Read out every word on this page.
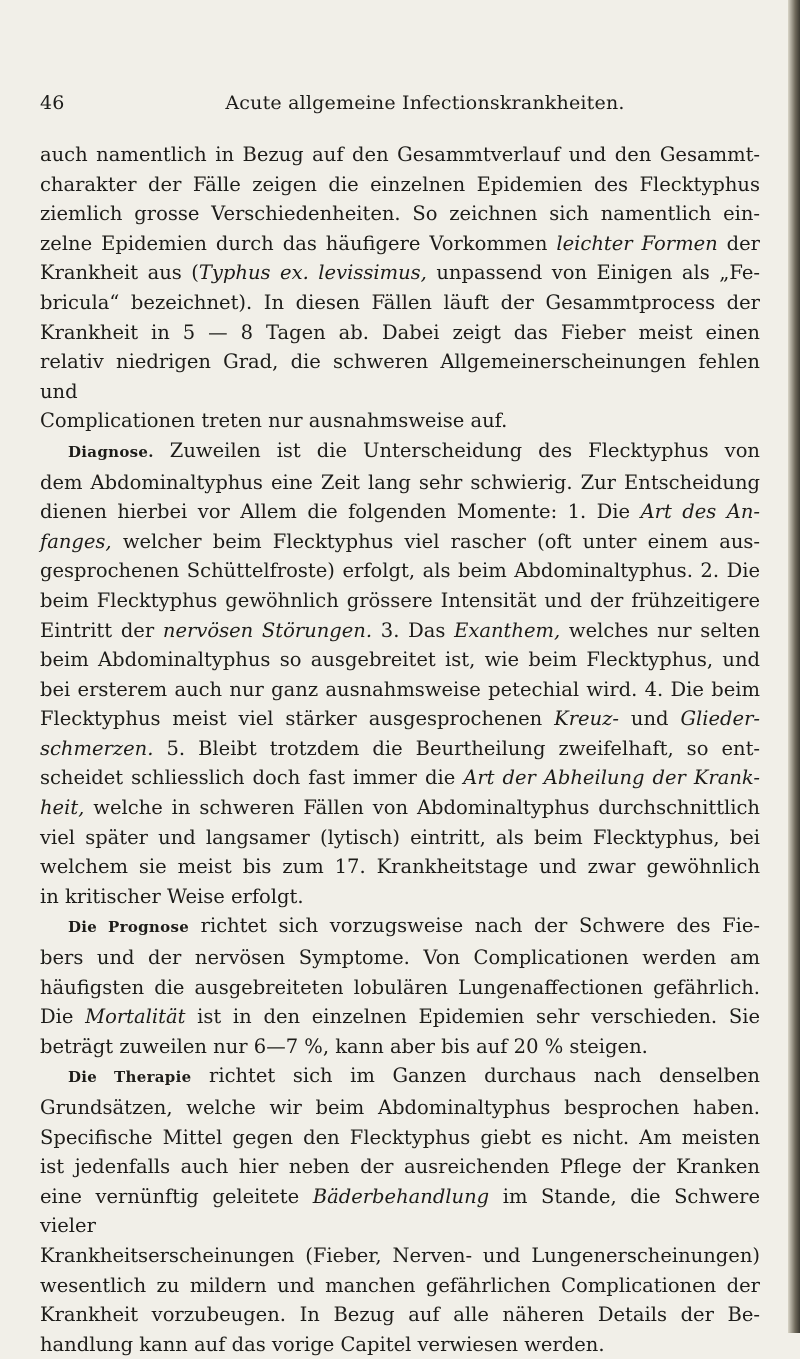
46	Acute allgemeine Infectionskrankheiten.

auch namentlich in Bezug auf den Gesammtverlauf und den Gesammt-

charakter der Fälle zeigen die einzelnen Epidemien des Flecktyphus

ziemlich grosse Verschiedenheiten. So zeichnen sich namentlich ein-

zelne Epidemien durch das häufigere Vorkommen leichter Formen der

Krankheit aus (Typhus ex. levissimus, unpassend von Einigen als „Fe-

bricula“ bezeichnet). In diesen Fällen läuft der Gesammtprocess der

Krankheit in 5 — 8 Tagen ab. Dabei zeigt das Fieber meist einen

relativ niedrigen Grad, die schweren Allgemeinerscheinungen fehlen und

Complicationen treten nur ausnahmsweise auf.

Diagnose. Zuweilen ist die Unterscheidung des Flecktyphus von

dem Abdominaltyphus eine Zeit lang sehr schwierig. Zur Entscheidung

dienen hierbei vor Allem die folgenden Momente: 1. Die Art des An-

fanges, welcher beim Flecktyphus viel rascher (oft unter einem aus-

gesprochenen Schüttelfroste) erfolgt, als beim Abdominaltyphus. 2. Die

beim Flecktyphus gewöhnlich grössere Intensität und der frühzeitigere

Eintritt der nervösen Störungen. 3. Das Exanthem, welches nur selten

beim Abdominaltyphus so ausgebreitet ist, wie beim Flecktyphus, und

bei ersterem auch nur ganz ausnahmsweise petechial wird. 4. Die beim

Flecktyphus meist viel stärker ausgesprochenen Kreuz- und Glieder-

schmerzen. 5. Bleibt trotzdem die Beurtheilung zweifelhaft, so ent-

scheidet schliesslich doch fast immer die Art der Abheilung der Krank-

heit, welche in schweren Fällen von Abdominaltyphus durchschnittlich

viel später und langsamer (lytisch) eintritt, als beim Flecktyphus, bei

welchem sie meist bis zum 17. Krankheitstage und zwar gewöhnlich

in kritischer Weise erfolgt.

Die Prognose richtet sich vorzugsweise nach der Schwere des Fie-

bers und der nervösen Symptome. Von Complicationen werden am

häufigsten die ausgebreiteten lobulären Lungenaffectionen gefährlich.

Die Mortalität ist in den einzelnen Epidemien sehr verschieden. Sie

beträgt zuweilen nur 6—7 %, kann aber bis auf 20 % steigen.

Die Therapie richtet sich im Ganzen durchaus nach denselben

Grundsätzen, welche wir beim Abdominaltyphus besprochen haben.

Specifische Mittel gegen den Flecktyphus giebt es nicht. Am meisten

ist jedenfalls auch hier neben der ausreichenden Pflege der Kranken

eine vernünftig geleitete Bäderbehandlung im Stande, die Schwere vieler

Krankheitserscheinungen (Fieber, Nerven- und Lungenerscheinungen)

wesentlich zu mildern und manchen gefährlichen Complicationen der

Krankheit vorzubeugen. In Bezug auf alle näheren Details der Be-

handlung kann auf das vorige Capitel verwiesen werden.
